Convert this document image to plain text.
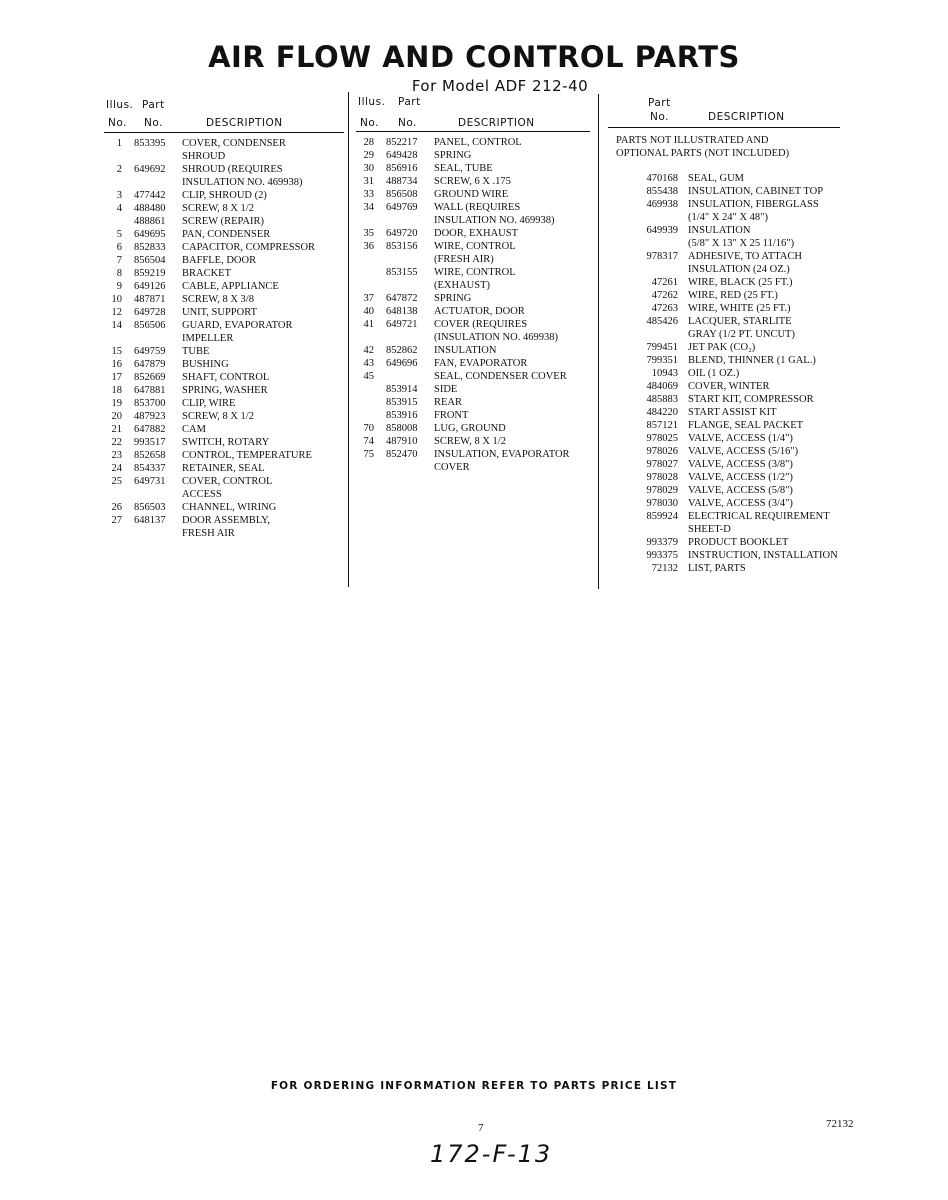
AIR FLOW AND CONTROL PARTS
For Model ADF 212-40
Illus. Part
No. No.	DESCRIPTION
Illus. Part
No. No.	DESCRIPTION
Part
No.	DESCRIPTION
1 853395 COVER, CONDENSER
SHROUD
2 649692 SHROUD (REQUIRES
INSULATION NO. 469938)
3 477442 CLIP, SHROUD (2)
4 488480 SCREW, 8 X 1/2
488861 SCREW (REPAIR)
5 649695 PAN, CONDENSER
6 852833 CAPACITOR, COMPRESSOR
7 856504 BAFFLE, DOOR
8 859219 BRACKET
9 649126 CABLE, APPLIANCE
10 487871 SCREW, 8 X 3/8
12 649728 UNIT, SUPPORT
14 856506 GUARD, EVAPORATOR
IMPELLER
15 649759 TUBE
16 647879 BUSHING
17 852669 SHAFT, CONTROL
18 647881 SPRING, WASHER
19 853700 CLIP, WIRE
20 487923 SCREW, 8 X 1/2
21 647882 CAM
22 993517 SWITCH, ROTARY
23 852658 CONTROL, TEMPERATURE
24 854337 RETAINER, SEAL
25 649731 COVER, CONTROL
ACCESS
26 856503 CHANNEL, WIRING
27 648137 DOOR ASSEMBLY,
FRESH AIR
28 852217 PANEL, CONTROL
29 649428 SPRING
30 856916 SEAL, TUBE
31 488734 SCREW, 6 X .175
33 856508 GROUND WIRE
34 649769 WALL (REQUIRES
INSULATION NO. 469938)
35 649720 DOOR, EXHAUST
36 853156 WIRE, CONTROL
(FRESH AIR)
853155 WIRE, CONTROL
(EXHAUST)
37 647872 SPRING
40 648138 ACTUATOR, DOOR
41 649721 COVER (REQUIRES
(INSULATION NO. 469938)
42 852862 INSULATION
43 649696 FAN, EVAPORATOR
45	SEAL, CONDENSER COVER
853914 SIDE
853915 REAR
853916 FRONT
70 858008 LUG, GROUND
74 487910 SCREW, 8 X 1/2
75 852470 INSULATION, EVAPORATOR
COVER
PARTS NOT ILLUSTRATED AND
OPTIONAL PARTS (NOT INCLUDED)
470168 SEAL, GUM
855438 INSULATION, CABINET TOP
469938 INSULATION, FIBERGLASS
(1/4" X 24" X 48")
649939 INSULATION
(5/8" X 13" X 25 11/16")
978317 ADHESIVE, TO ATTACH
INSULATION (24 OZ.)
47261 WIRE, BLACK (25 FT.)
47262 WIRE, RED (25 FT.)
47263 WIRE, WHITE (25 FT.)
485426 LACQUER, STARLITE
GRAY (1/2 PT. UNCUT)
799451 JET PAK (CO₂)
799351 BLEND, THINNER (1 GAL.)
10943 OIL (1 OZ.)
484069 COVER, WINTER
485883 START KIT, COMPRESSOR
484220 START ASSIST KIT
857121 FLANGE, SEAL PACKET
978025 VALVE, ACCESS (1/4")
978026 VALVE, ACCESS (5/16")
978027 VALVE, ACCESS (3/8")
978028 VALVE, ACCESS (1/2")
978029 VALVE, ACCESS (5/8")
978030 VALVE, ACCESS (3/4")
859924 ELECTRICAL REQUIREMENT
SHEET-D
993379 PRODUCT BOOKLET
993375 INSTRUCTION, INSTALLATION
72132 LIST, PARTS
FOR ORDERING INFORMATION REFER TO PARTS PRICE LIST
7	72132
172-F-13
